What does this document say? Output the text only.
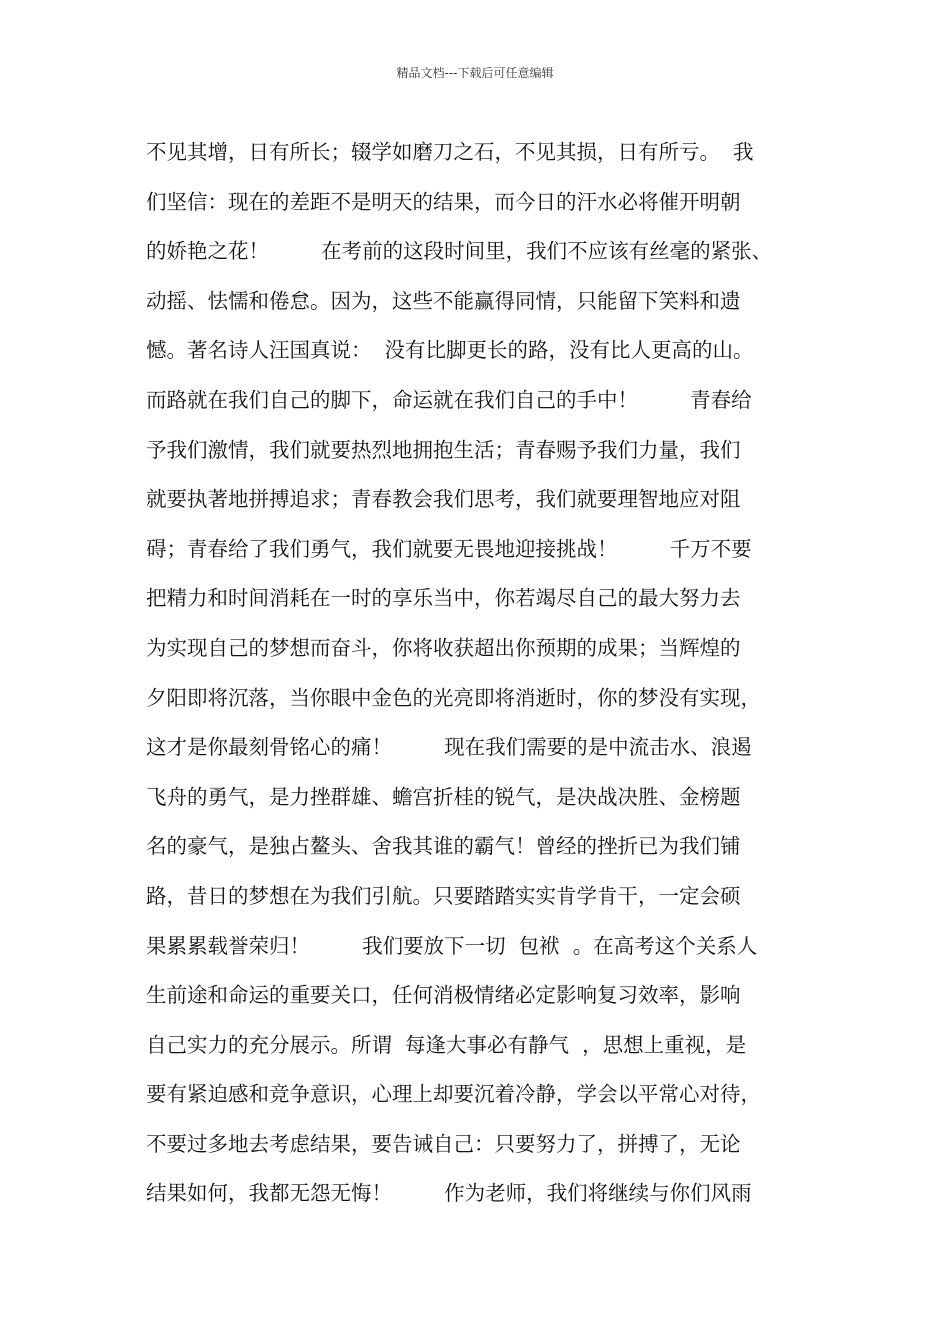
精品文档---下载后可任意编辑
不见其增，日有所长；辍学如磨刀之石，不见其损，日有所亏。  我
们坚信：现在的差距不是明天的结果，而今日的汗水必将催开明朝
的娇艳之花！        在考前的这段时间里，我们不应该有丝毫的紧张、
动摇、怯懦和倦怠。因为，这些不能赢得同情，只能留下笑料和遗
憾。著名诗人汪国真说：  没有比脚更长的路，没有比人更高的山。
而路就在我们自己的脚下，命运就在我们自己的手中！        青春给
予我们激情，我们就要热烈地拥抱生活；青春赐予我们力量，我们
就要执著地拼搏追求；青春教会我们思考，我们就要理智地应对阻
碍；青春给了我们勇气，我们就要无畏地迎接挑战！        千万不要
把精力和时间消耗在一时的享乐当中，你若竭尽自己的最大努力去
为实现自己的梦想而奋斗，你将收获超出你预期的成果；当辉煌的
夕阳即将沉落，当你眼中金色的光亮即将消逝时，你的梦没有实现，
这才是你最刻骨铭心的痛！        现在我们需要的是中流击水、浪遏
飞舟的勇气，是力挫群雄、蟾宫折桂的锐气，是决战决胜、金榜题
名的豪气，是独占鳌头、舍我其谁的霸气！曾经的挫折已为我们铺
路，昔日的梦想在为我们引航。只要踏踏实实肯学肯干，一定会硕
果累累载誉荣归！        我们要放下一切  包袱  。在高考这个关系人
生前途和命运的重要关口，任何消极情绪必定影响复习效率，影响
自己实力的充分展示。所谓  每逢大事必有静气  ，思想上重视，是
要有紧迫感和竞争意识，心理上却要沉着冷静，学会以平常心对待，
不要过多地去考虑结果，要告诫自己：只要努力了，拼搏了，无论
结果如何，我都无怨无悔！        作为老师，我们将继续与你们风雨
